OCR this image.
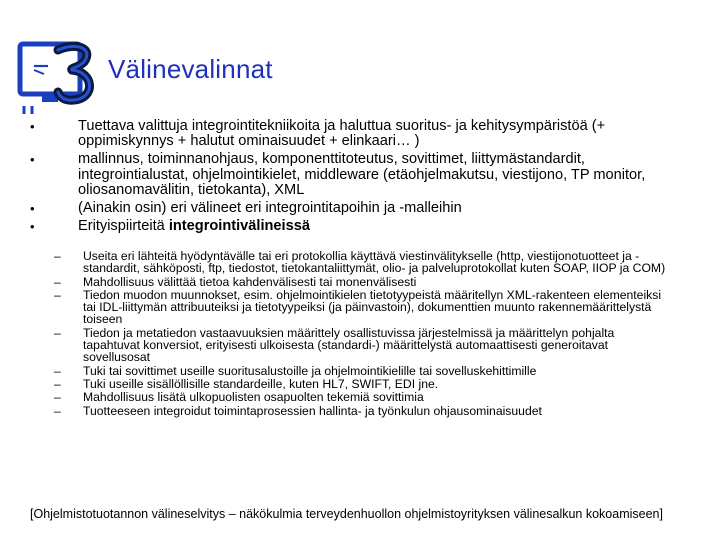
Välinevalinnat
•	Tuettava valittuja integrointitekniikoita ja haluttua suoritus- ja kehitysympäristöä (+ oppimiskynnys + halutut ominaisuudet + elinkaari… )
•	mallinnus, toiminnanohjaus, komponenttitoteutus, sovittimet, liittymästandardit, integrointialustat, ohjelmointikielet, middleware (etäohjelmakutsu, viestijono, TP monitor, oliosanomavälitin, tietokanta), XML
•	(Ainakin osin) eri välineet eri integrointitapoihin ja -malleihin
•	Erityispiirteitä integrointivälineissä
– Useita eri lähteitä hyödyntävälle tai eri protokollia käyttävä viestinvälitykselle (http, viestijonotuotteet ja -standardit, sähköposti, ftp, tiedostot, tietokantaliittymät, olio- ja palveluprotokollat kuten SOAP, IIOP ja COM)
– Mahdollisuus välittää tietoa kahdenvälisesti tai monenvälisesti
– Tiedon muodon muunnokset, esim. ohjelmointikielen tietotyypeistä määritellyn XML-rakenteen elementeiksi tai IDL-liittymän attribuuteiksi ja tietotyypeiksi (ja päinvastoin), dokumenttien muunto rakennemäärittelystä toiseen
– Tiedon ja metatiedon vastaavuuksien määrittely osallistuvissa järjestelmissä ja määrittelyn pohjalta tapahtuvat konversiot, erityisesti ulkoisesta (standardi-) määrittelystä automaattisesti generoitavat sovellusosat
– Tuki tai sovittimet useille suoritusalustoille ja ohjelmointikielille tai sovelluskehittimille
– Tuki useille sisällöllisille standardeille, kuten HL7, SWIFT, EDI jne.
– Mahdollisuus lisätä ulkopuolisten osapuolten tekemiä sovittimia
– Tuotteeseen integroidut toimintaprosessien hallinta- ja työnkulun ohjausominaisuudet
[Ohjelmistotuotannon välineselvitys – näkökulmia terveydenhuollon ohjelmistoyrityksen välinesalkun kokoamiseen]
